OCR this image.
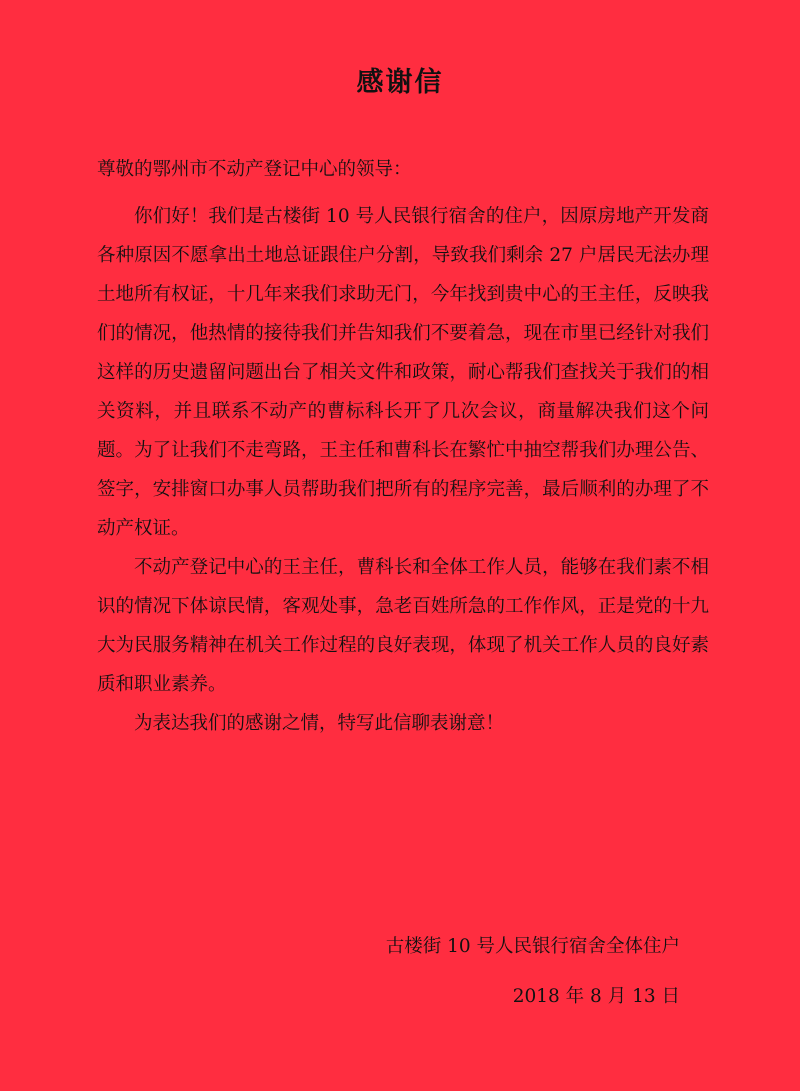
感谢信
尊敬的鄂州市不动产登记中心的领导：

你们好！我们是古楼街 10 号人民银行宿舍的住户，因原房地产开发商各种原因不愿拿出土地总证跟住户分割，导致我们剩余 27 户居民无法办理土地所有权证，十几年来我们求助无门，今年找到贵中心的王主任，反映我们的情况，他热情的接待我们并告知我们不要着急，现在市里已经针对我们这样的历史遗留问题出台了相关文件和政策，耐心帮我们查找关于我们的相关资料，并且联系不动产的曹标科长开了几次会议，商量解决我们这个问题。为了让我们不走弯路，王主任和曹科长在繁忙中抽空帮我们办理公告、签字，安排窗口办事人员帮助我们把所有的程序完善，最后顺利的办理了不动产权证。

不动产登记中心的王主任，曹科长和全体工作人员，能够在我们素不相识的情况下体谅民情，客观处事，急老百姓所急的工作作风，正是党的十九大为民服务精神在机关工作过程的良好表现，体现了机关工作人员的良好素质和职业素养。

为表达我们的感谢之情，特写此信聊表谢意！

古楼街 10 号人民银行宿舍全体住户
2018 年 8 月 13 日
